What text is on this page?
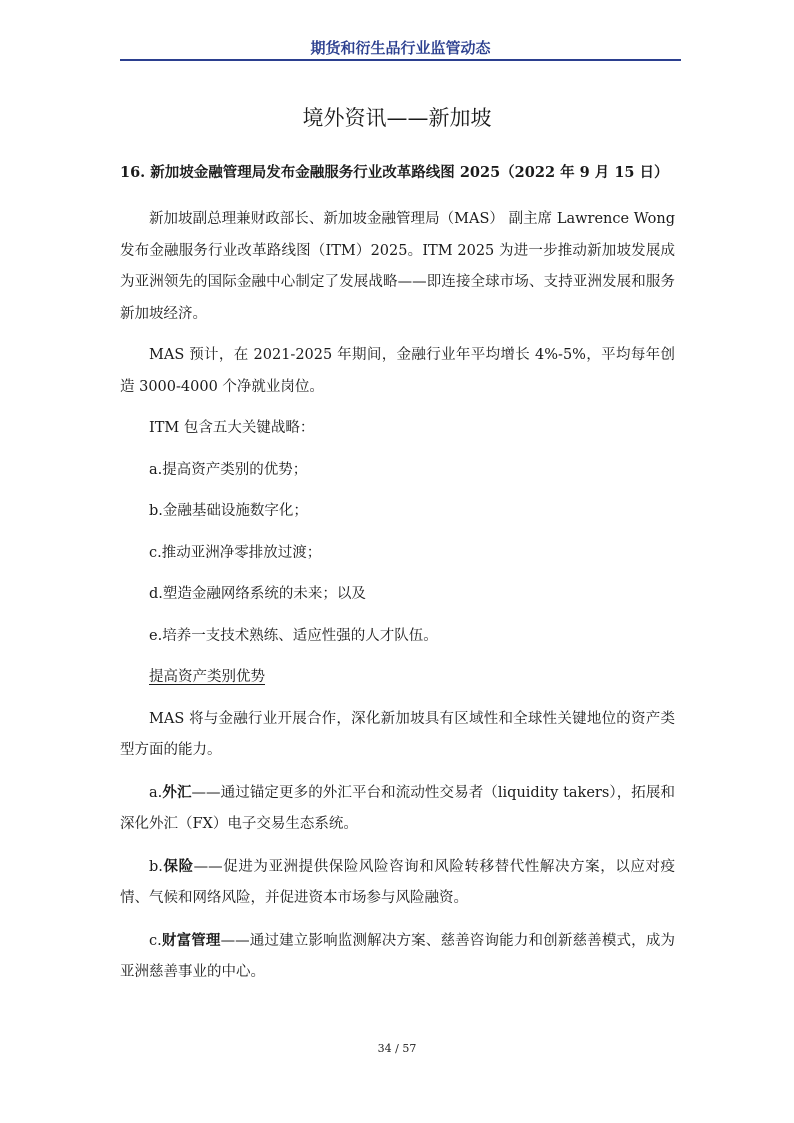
期货和衍生品行业监管动态
境外资讯——新加坡
16. 新加坡金融管理局发布金融服务行业改革路线图 2025（2022 年 9 月 15 日）

新加坡副总理兼财政部长、新加坡金融管理局（MAS） 副主席 Lawrence Wong 发布金融服务行业改革路线图（ITM）2025。ITM 2025 为进一步推动新加坡发展成为亚洲领先的国际金融中心制定了发展战略——即连接全球市场、支持亚洲发展和服务新加坡经济。

MAS 预计，在 2021-2025 年期间，金融行业年平均增长 4%-5%，平均每年创造 3000-4000 个净就业岗位。

ITM 包含五大关键战略：

a.提高资产类别的优势；

b.金融基础设施数字化；

c.推动亚洲净零排放过渡；

d.塑造金融网络系统的未来；以及

e.培养一支技术熟练、适应性强的人才队伍。

提高资产类别优势

MAS 将与金融行业开展合作，深化新加坡具有区域性和全球性关键地位的资产类型方面的能力。

a.外汇——通过锚定更多的外汇平台和流动性交易者（liquidity takers），拓展和深化外汇（FX）电子交易生态系统。

b.保险——促进为亚洲提供保险风险咨询和风险转移替代性解决方案，以应对疫情、气候和网络风险，并促进资本市场参与风险融资。

c.财富管理——通过建立影响监测解决方案、慈善咨询能力和创新慈善模式，成为亚洲慈善事业的中心。

34 / 57
